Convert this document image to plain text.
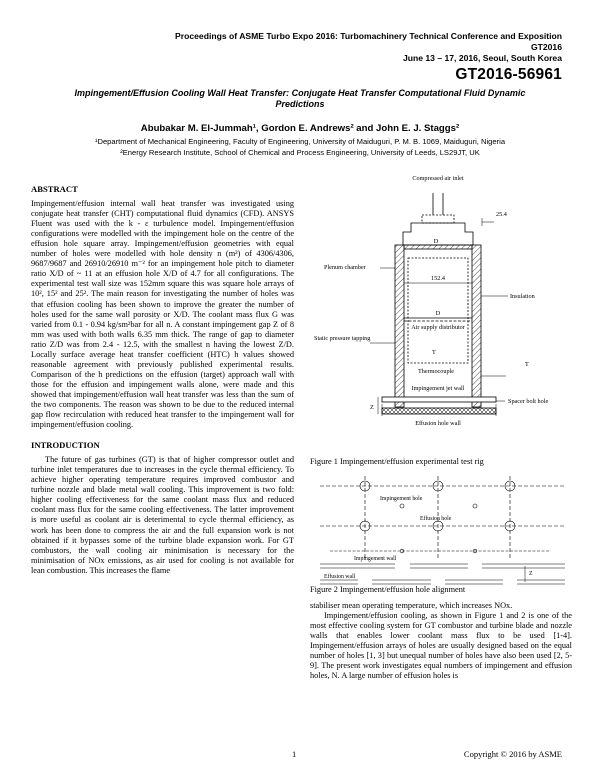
Proceedings of ASME Turbo Expo 2016: Turbomachinery Technical Conference and Exposition
GT2016
June 13 – 17, 2016, Seoul, South Korea
GT2016-56961
Impingement/Effusion Cooling Wall Heat Transfer: Conjugate Heat Transfer Computational Fluid Dynamic Predictions
Abubakar M. El-Jummah¹, Gordon E. Andrews² and John E. J. Staggs²
¹Department of Mechanical Engineering, Faculty of Engineering, University of Maiduguri, P. M. B. 1069, Maiduguri, Nigeria
²Energy Research Institute, School of Chemical and Process Engineering, University of Leeds, LS29JT, UK
ABSTRACT

Impingement/effusion internal wall heat transfer was investigated using conjugate heat transfer (CHT) computational fluid dynamics (CFD). ANSYS Fluent was used with the k - ε turbulence model. Impingement/effusion configurations were modelled with the impingement hole on the centre of the effusion hole square array. Impingement/effusion geometries with equal number of holes were modelled with hole density n (m²) of 4306/4306, 9687/9687 and 26910/26910 m⁻² for an impingement hole pitch to diameter ratio X/D of ~ 11 at an effusion hole X/D of 4.7 for all configurations. The experimental test wall size was 152mm square this was square hole arrays of 10², 15² and 25². The main reason for investigating the number of holes was that effusion cooling has been shown to improve the greater the number of holes used for the same wall porosity or X/D. The coolant mass flux G was varied from 0.1 - 0.94 kg/sm²bar for all n. A constant impingement gap Z of 8 mm was used with both walls 6.35 mm thick. The range of gap to diameter ratio Z/D was from 2.4 - 12.5, with the smallest n having the lowest Z/D. Locally surface average heat transfer coefficient (HTC) h values showed reasonable agreement with previously published experimental results. Comparison of the h predictions on the effusion (target) approach wall with those for the effusion and impingement walls alone, were made and this showed that impingement/effusion wall heat transfer was less than the sum of the two components. The reason was shown to be due to the reduced internal gap flow recirculation with reduced heat transfer to the impingement wall for impingement/effusion cooling.

INTRODUCTION

The future of gas turbines (GT) is that of higher compressor outlet and turbine inlet temperatures due to increases in the cycle thermal efficiency. To achieve higher operating temperature requires improved combustor and turbine nozzle and blade metal wall cooling. This improvement is two fold: higher cooling effectiveness for the same coolant mass flux and reduced coolant mass flux for the same cooling effectiveness. The latter improvement is more useful as coolant air is deterimental to cycle thermal efficiency, as work has been done to compress the air and the full expansion work is not obtained if it bypasses some of the turbine blade expansion work. For GT combustors, the wall cooling air minimisation is necessary for the minimisation of NOx emissions, as air used for cooling is not available for lean combustion. This increases the flame

Compressed air inlet
25.4
Plenum chamber
D
152.4
Insulation
D
Air supply distributor
Static pressure tapping
T
T
Thermocouple
Impingement jet wall
Spacer bolt hole
Z
Effusion hole wall
Figure 1 Impingement/effusion experimental test rig
Impingement hole
Effusion hole
Impingement wall
Effusion wall	Z
Figure 2 Impingement/effusion hole alignment

stabiliser mean operating temperature, which increases NOx.

Impingement/effusion cooling, as shown in Figure 1 and 2 is one of the most effective cooling system for GT combustor and turbine blade and nozzle walls that enables lower coolant mass flux to be used [1-4]. Impingement/effusion arrays of holes are usually designed based on the equal number of holes [1, 3] but unequal number of holes have also been used [2, 5-9]. The present work investigates equal numbers of impingement and effusion holes, N. A large number of effusion holes is

1	Copyright © 2016 by ASME
